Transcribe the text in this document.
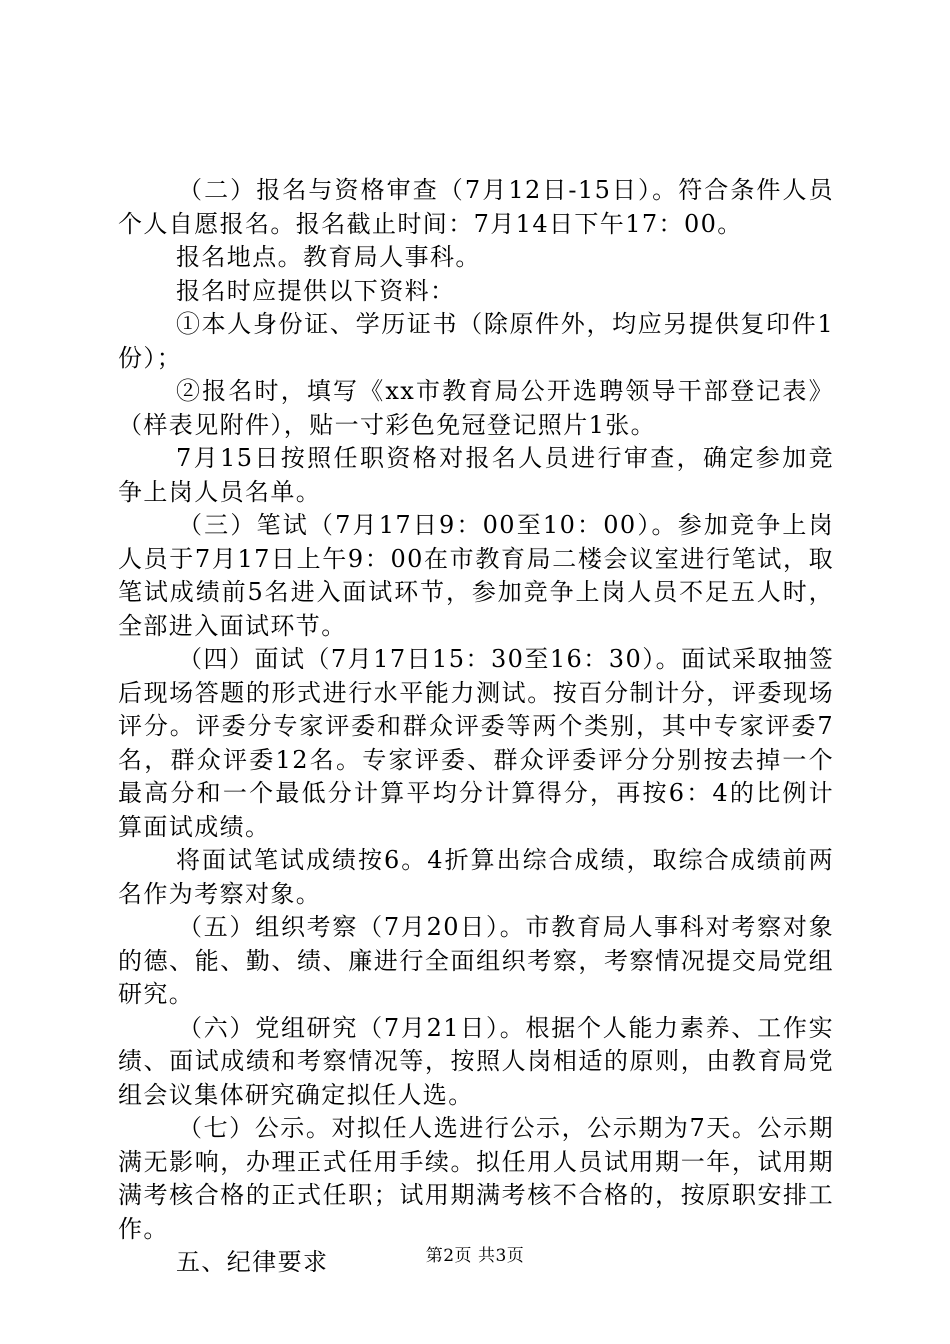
（二）报名与资格审查（7月12日-15日）。符合条件人员个人自愿报名。报名截止时间：7月14日下午17：00。

报名地点。教育局人事科。

报名时应提供以下资料：

①本人身份证、学历证书（除原件外，均应另提供复印件1份）；

②报名时，填写《xx市教育局公开选聘领导干部登记表》（样表见附件），贴一寸彩色免冠登记照片1张。

7月15日按照任职资格对报名人员进行审查，确定参加竞争上岗人员名单。

（三）笔试（7月17日9：00至10：00）。参加竞争上岗人员于7月17日上午9：00在市教育局二楼会议室进行笔试，取笔试成绩前5名进入面试环节，参加竞争上岗人员不足五人时，全部进入面试环节。

（四）面试（7月17日15：30至16：30）。面试采取抽签后现场答题的形式进行水平能力测试。按百分制计分，评委现场评分。评委分专家评委和群众评委等两个类别，其中专家评委7名，群众评委12名。专家评委、群众评委评分分别按去掉一个最高分和一个最低分计算平均分计算得分，再按6：4的比例计算面试成绩。

将面试笔试成绩按6。4折算出综合成绩，取综合成绩前两名作为考察对象。

（五）组织考察（7月20日）。市教育局人事科对考察对象的德、能、勤、绩、廉进行全面组织考察，考察情况提交局党组研究。

（六）党组研究（7月21日）。根据个人能力素养、工作实绩、面试成绩和考察情况等，按照人岗相适的原则，由教育局党组会议集体研究确定拟任人选。

（七）公示。对拟任人选进行公示，公示期为7天。公示期满无影响，办理正式任用手续。拟任用人员试用期一年，试用期满考核合格的正式任职；试用期满考核不合格的，按原职安排工作。

五、纪律要求	第2页 共3页
